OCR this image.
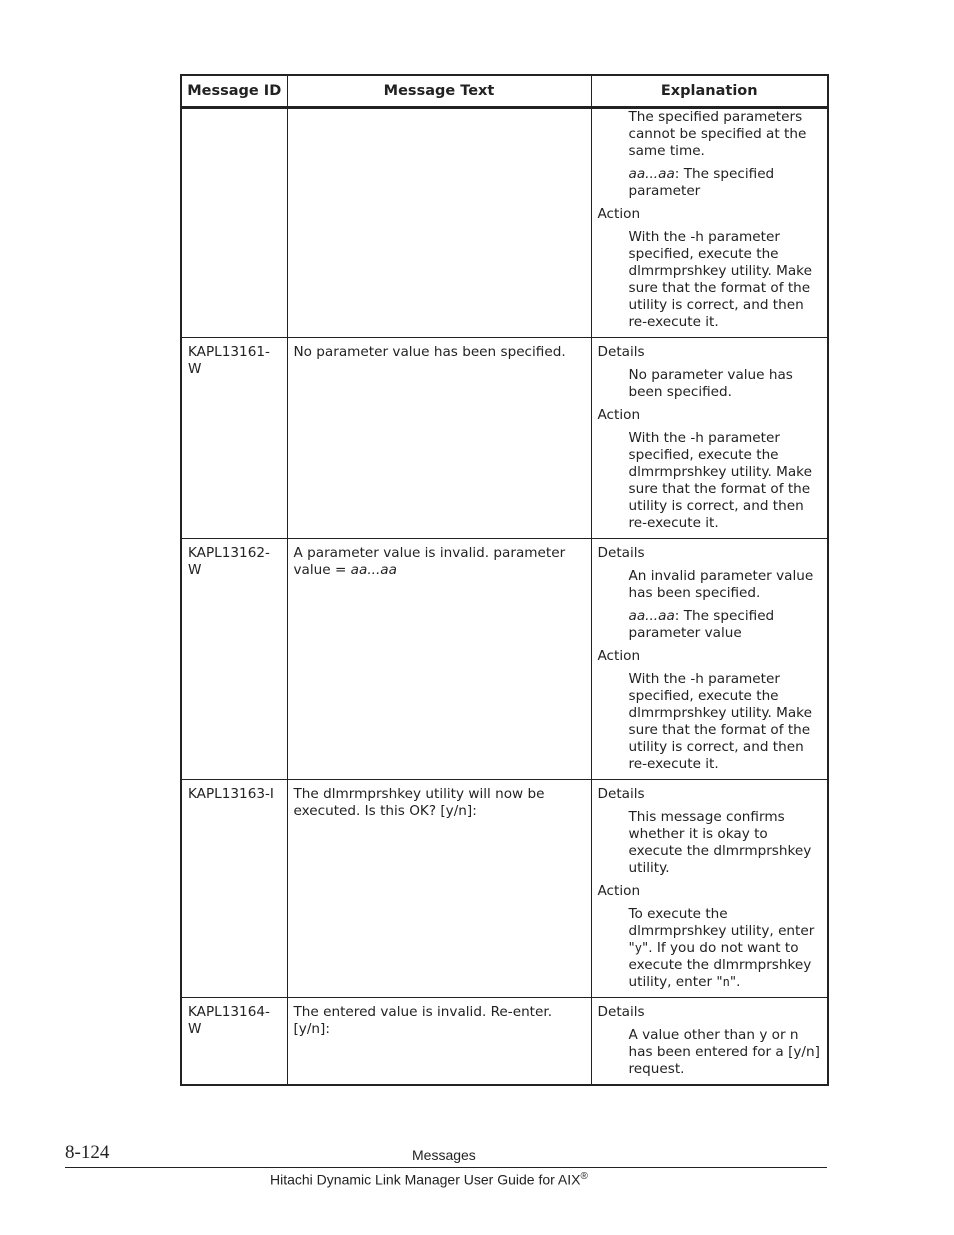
Message ID	Message Text	Explanation

		The specified parameters cannot be specified at the same time.

aa...aa: The specified parameter

Action

With the -h parameter specified, execute the dlmrmprshkey utility. Make sure that the format of the utility is correct, and then re-execute it.

KAPL13161-W	No parameter value has been specified.	Details

No parameter value has been specified.

Action

With the -h parameter specified, execute the dlmrmprshkey utility. Make sure that the format of the utility is correct, and then re-execute it.

KAPL13162-W	A parameter value is invalid. parameter value = aa...aa	Details

An invalid parameter value has been specified.

aa...aa: The specified parameter value

Action

With the -h parameter specified, execute the dlmrmprshkey utility. Make sure that the format of the utility is correct, and then re-execute it.

KAPL13163-I	The dlmrmprshkey utility will now be executed. Is this OK? [y/n]:	Details

This message confirms whether it is okay to execute the dlmrmprshkey utility.

Action

To execute the dlmrmprshkey utility, enter "y". If you do not want to execute the dlmrmprshkey utility, enter "n".

KAPL13164-W	The entered value is invalid. Re-enter. [y/n]:	Details

A value other than y or n has been entered for a [y/n] request.

8-124	Messages
Hitachi Dynamic Link Manager User Guide for AIX®
